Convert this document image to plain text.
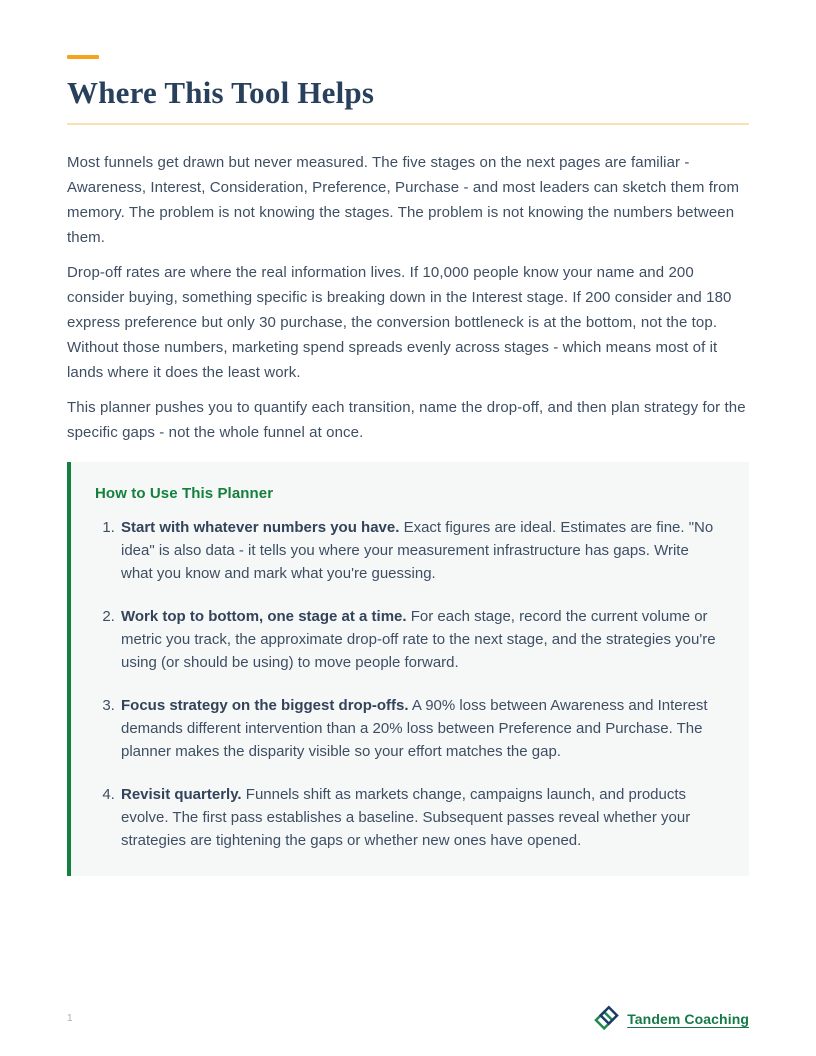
Where This Tool Helps

Most funnels get drawn but never measured. The five stages on the next pages are familiar - Awareness, Interest, Consideration, Preference, Purchase - and most leaders can sketch them from memory. The problem is not knowing the stages. The problem is not knowing the numbers between them.

Drop-off rates are where the real information lives. If 10,000 people know your name and 200 consider buying, something specific is breaking down in the Interest stage. If 200 consider and 180 express preference but only 30 purchase, the conversion bottleneck is at the bottom, not the top. Without those numbers, marketing spend spreads evenly across stages - which means most of it lands where it does the least work.

This planner pushes you to quantify each transition, name the drop-off, and then plan strategy for the specific gaps - not the whole funnel at once.

How to Use This Planner
1. Start with whatever numbers you have. Exact figures are ideal. Estimates are fine. "No idea" is also data - it tells you where your measurement infrastructure has gaps. Write what you know and mark what you're guessing.
2. Work top to bottom, one stage at a time. For each stage, record the current volume or metric you track, the approximate drop-off rate to the next stage, and the strategies you're using (or should be using) to move people forward.
3. Focus strategy on the biggest drop-offs. A 90% loss between Awareness and Interest demands different intervention than a 20% loss between Preference and Purchase. The planner makes the disparity visible so your effort matches the gap.
4. Revisit quarterly. Funnels shift as markets change, campaigns launch, and products evolve. The first pass establishes a baseline. Subsequent passes reveal whether your strategies are tightening the gaps or whether new ones have opened.
1	Tandem Coaching
